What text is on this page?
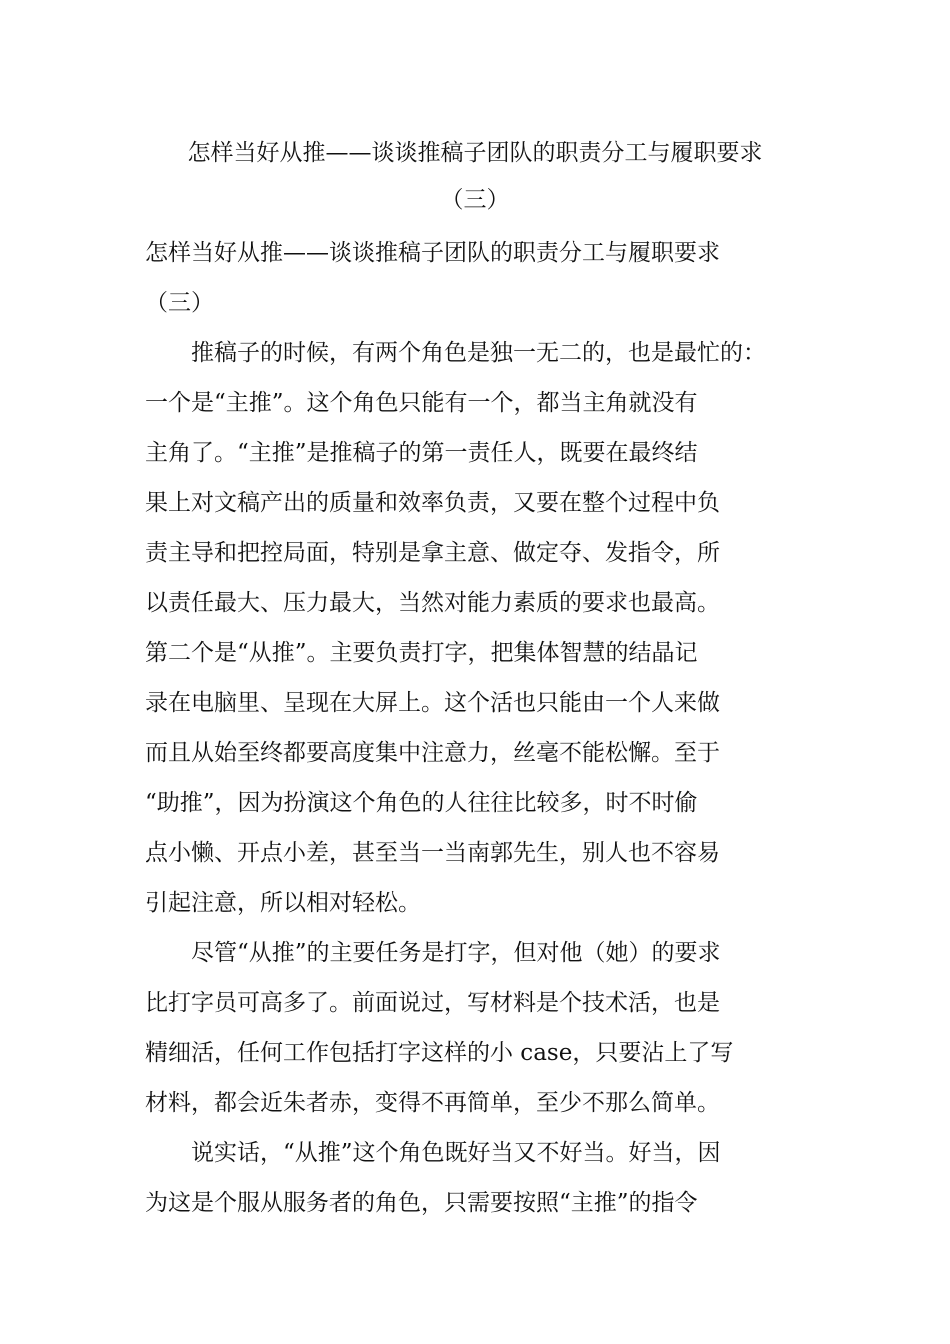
怎样当好从推——谈谈推稿子团队的职责分工与履职要求
（三）
怎样当好从推——谈谈推稿子团队的职责分工与履职要求
（三）
　　推稿子的时候，有两个角色是独一无二的，也是最忙的：
一个是“主推”。这个角色只能有一个，都当主角就没有
主角了。“主推”是推稿子的第一责任人，既要在最终结
果上对文稿产出的质量和效率负责，又要在整个过程中负
责主导和把控局面，特别是拿主意、做定夺、发指令，所
以责任最大、压力最大，当然对能力素质的要求也最高。
第二个是“从推”。主要负责打字，把集体智慧的结晶记
录在电脑里、呈现在大屏上。这个活也只能由一个人来做
而且从始至终都要高度集中注意力，丝毫不能松懈。至于
“助推”，因为扮演这个角色的人往往比较多，时不时偷
点小懒、开点小差，甚至当一当南郭先生，别人也不容易
引起注意，所以相对轻松。
　　尽管“从推”的主要任务是打字，但对他（她）的要求
比打字员可高多了。前面说过，写材料是个技术活，也是
精细活，任何工作包括打字这样的小 case，只要沾上了写
材料，都会近朱者赤，变得不再简单，至少不那么简单。
　　说实话，“从推”这个角色既好当又不好当。好当，因
为这是个服从服务者的角色，只需要按照“主推”的指令
